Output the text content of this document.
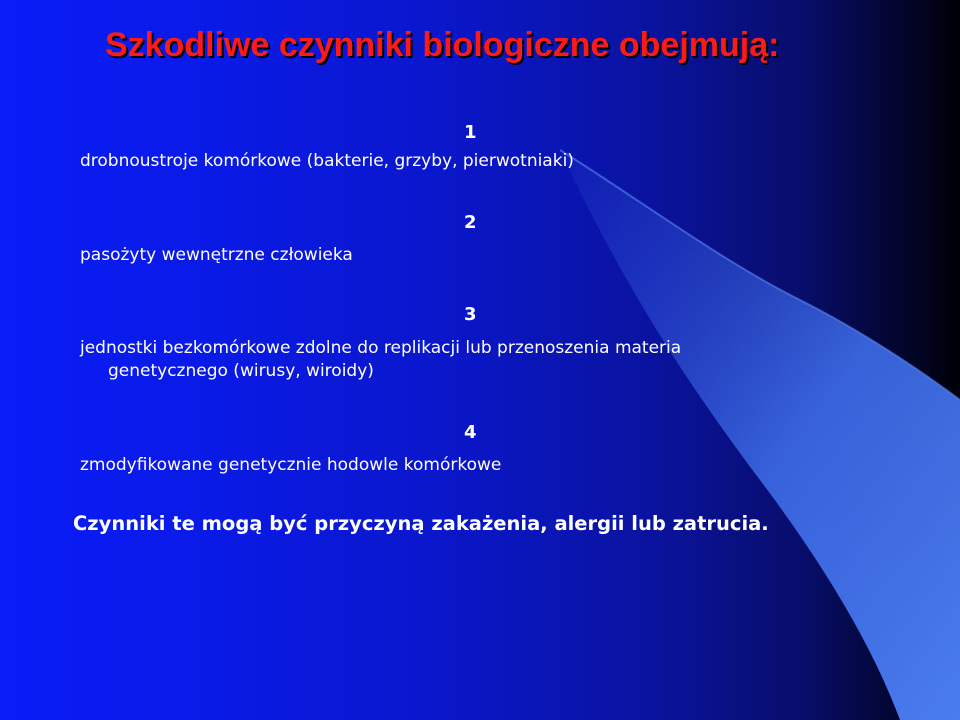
Szkodliwe czynniki biologiczne obejmują:
1
drobnoustroje komórkowe (bakterie, grzyby, pierwotniaki)
2
pasożyty wewnętrzne człowieka
3
jednostki bezkomórkowe zdolne do replikacji lub przenoszenia materia
genetycznego (wirusy, wiroidy)
4
zmodyfikowane genetycznie hodowle komórkowe
Czynniki te mogą być przyczyną zakażenia, alergii lub zatrucia.
